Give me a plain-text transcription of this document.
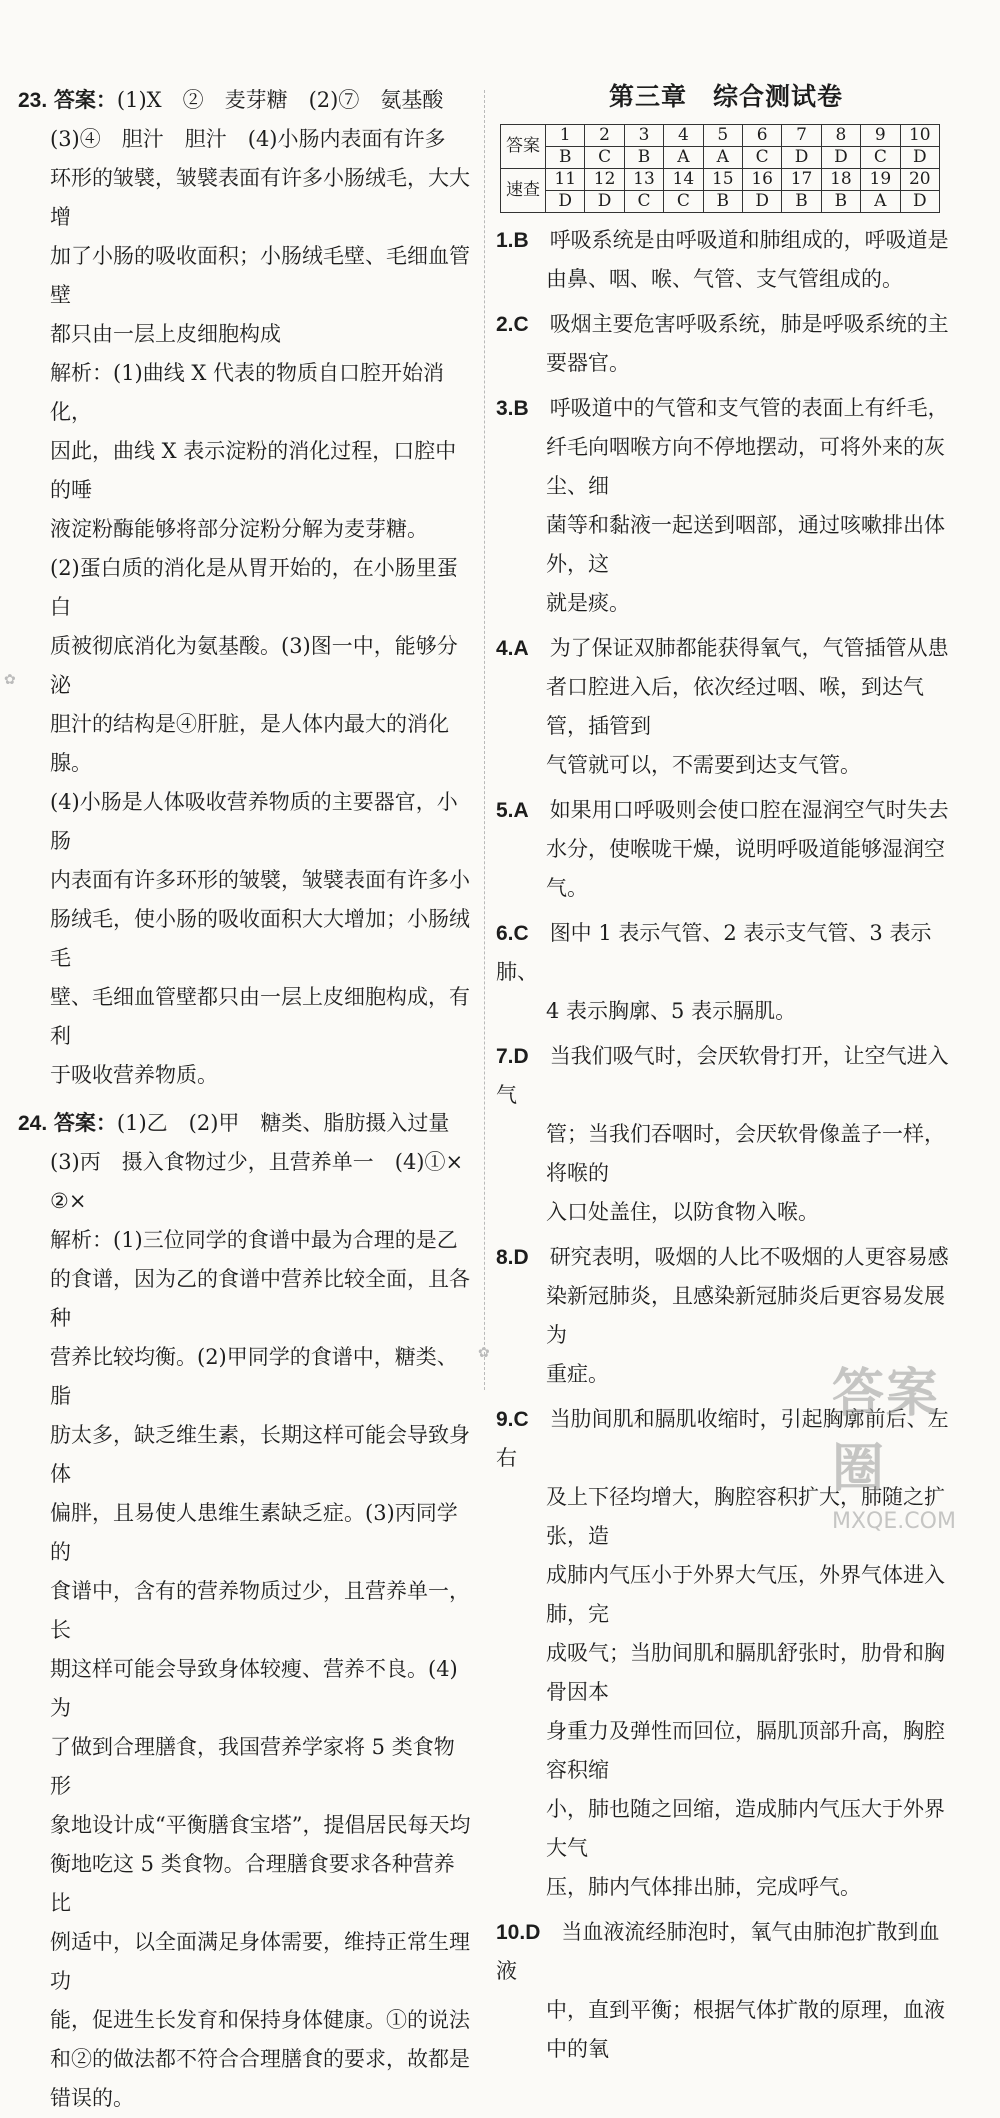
23. 答案：(1)X　②　麦芽糖　(2)⑦　氨基酸
(3)④　胆汁　胆汁　(4)小肠内表面有许多
环形的皱襞，皱襞表面有许多小肠绒毛，大大增
加了小肠的吸收面积；小肠绒毛壁、毛细血管壁
都只由一层上皮细胞构成
解析：(1)曲线 X 代表的物质自口腔开始消化，
因此，曲线 X 表示淀粉的消化过程，口腔中的唾
液淀粉酶能够将部分淀粉分解为麦芽糖。
(2)蛋白质的消化是从胃开始的，在小肠里蛋白
质被彻底消化为氨基酸。(3)图一中，能够分泌
胆汁的结构是④肝脏，是人体内最大的消化腺。
(4)小肠是人体吸收营养物质的主要器官，小肠
内表面有许多环形的皱襞，皱襞表面有许多小
肠绒毛，使小肠的吸收面积大大增加；小肠绒毛
壁、毛细血管壁都只由一层上皮细胞构成，有利
于吸收营养物质。
24. 答案：(1)乙　(2)甲　糖类、脂肪摄入过量
(3)丙　摄入食物过少，且营养单一　(4)①×
②×
解析：(1)三位同学的食谱中最为合理的是乙
的食谱，因为乙的食谱中营养比较全面，且各种
营养比较均衡。(2)甲同学的食谱中，糖类、脂
肪太多，缺乏维生素，长期这样可能会导致身体
偏胖，且易使人患维生素缺乏症。(3)丙同学的
食谱中，含有的营养物质过少，且营养单一，长
期这样可能会导致身体较瘦、营养不良。(4)为
了做到合理膳食，我国营养学家将 5 类食物形
象地设计成“平衡膳食宝塔”，提倡居民每天均
衡地吃这 5 类食物。合理膳食要求各种营养比
例适中，以全面满足身体需要，维持正常生理功
能，促进生长发育和保持身体健康。①的说法
和②的做法都不符合合理膳食的要求，故都是
错误的。
第三章　综合测试卷
答案	1	2	3	4	5	6	7	8	9	10
	B	C	B	A	A	C	D	D	C	D
速查	11	12	13	14	15	16	17	18	19	20
	D	D	C	C	B	D	B	B	A	D
1.B　 呼吸系统是由呼吸道和肺组成的，呼吸道是
由鼻、咽、喉、气管、支气管组成的。
2.C　 吸烟主要危害呼吸系统，肺是呼吸系统的主
要器官。
3.B　 呼吸道中的气管和支气管的表面上有纤毛，
纤毛向咽喉方向不停地摆动，可将外来的灰尘、细
菌等和黏液一起送到咽部，通过咳嗽排出体外，这
就是痰。
4.A　 为了保证双肺都能获得氧气，气管插管从患
者口腔进入后，依次经过咽、喉，到达气管，插管到
气管就可以，不需要到达支气管。
5.A　 如果用口呼吸则会使口腔在湿润空气时失去
水分，使喉咙干燥，说明呼吸道能够湿润空气。
6.C　 图中 1 表示气管、2 表示支气管、3 表示肺、
4 表示胸廓、5 表示膈肌。
7.D　 当我们吸气时，会厌软骨打开，让空气进入气
管；当我们吞咽时，会厌软骨像盖子一样，将喉的
入口处盖住，以防食物入喉。
8.D　 研究表明，吸烟的人比不吸烟的人更容易感
染新冠肺炎，且感染新冠肺炎后更容易发展为
重症。
9.C　 当肋间肌和膈肌收缩时，引起胸廓前后、左右
及上下径均增大，胸腔容积扩大，肺随之扩张，造
成肺内气压小于外界大气压，外界气体进入肺，完
成吸气；当肋间肌和膈肌舒张时，肋骨和胸骨因本
身重力及弹性而回位，膈肌顶部升高，胸腔容积缩
小，肺也随之回缩，造成肺内气压大于外界大气
压，肺内气体排出肺，完成呼气。
10.D　 当血液流经肺泡时，氧气由肺泡扩散到血液
中，直到平衡；根据气体扩散的原理，血液中的氧
✿
✿
答案圈
MXQE.COM
